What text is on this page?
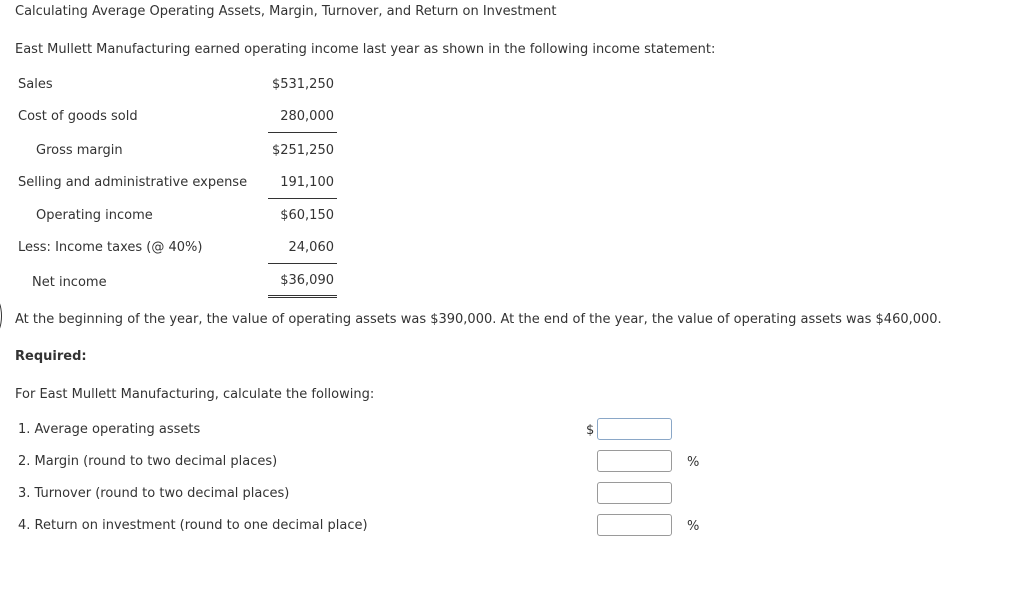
Calculating Average Operating Assets, Margin, Turnover, and Return on Investment
East Mullett Manufacturing earned operating income last year as shown in the following income statement:
Sales	$531,250
Cost of goods sold	280,000
Gross margin	$251,250
Selling and administrative expense	191,100
Operating income	$60,150
Less: Income taxes (@ 40%)	24,060
Net income	$36,090
At the beginning of the year, the value of operating assets was $390,000. At the end of the year, the value of operating assets was $460,000.
Required:
For East Mullett Manufacturing, calculate the following:
1. Average operating assets	$
2. Margin (round to two decimal places)	%
3. Turnover (round to two decimal places)
4. Return on investment (round to one decimal place)	%
